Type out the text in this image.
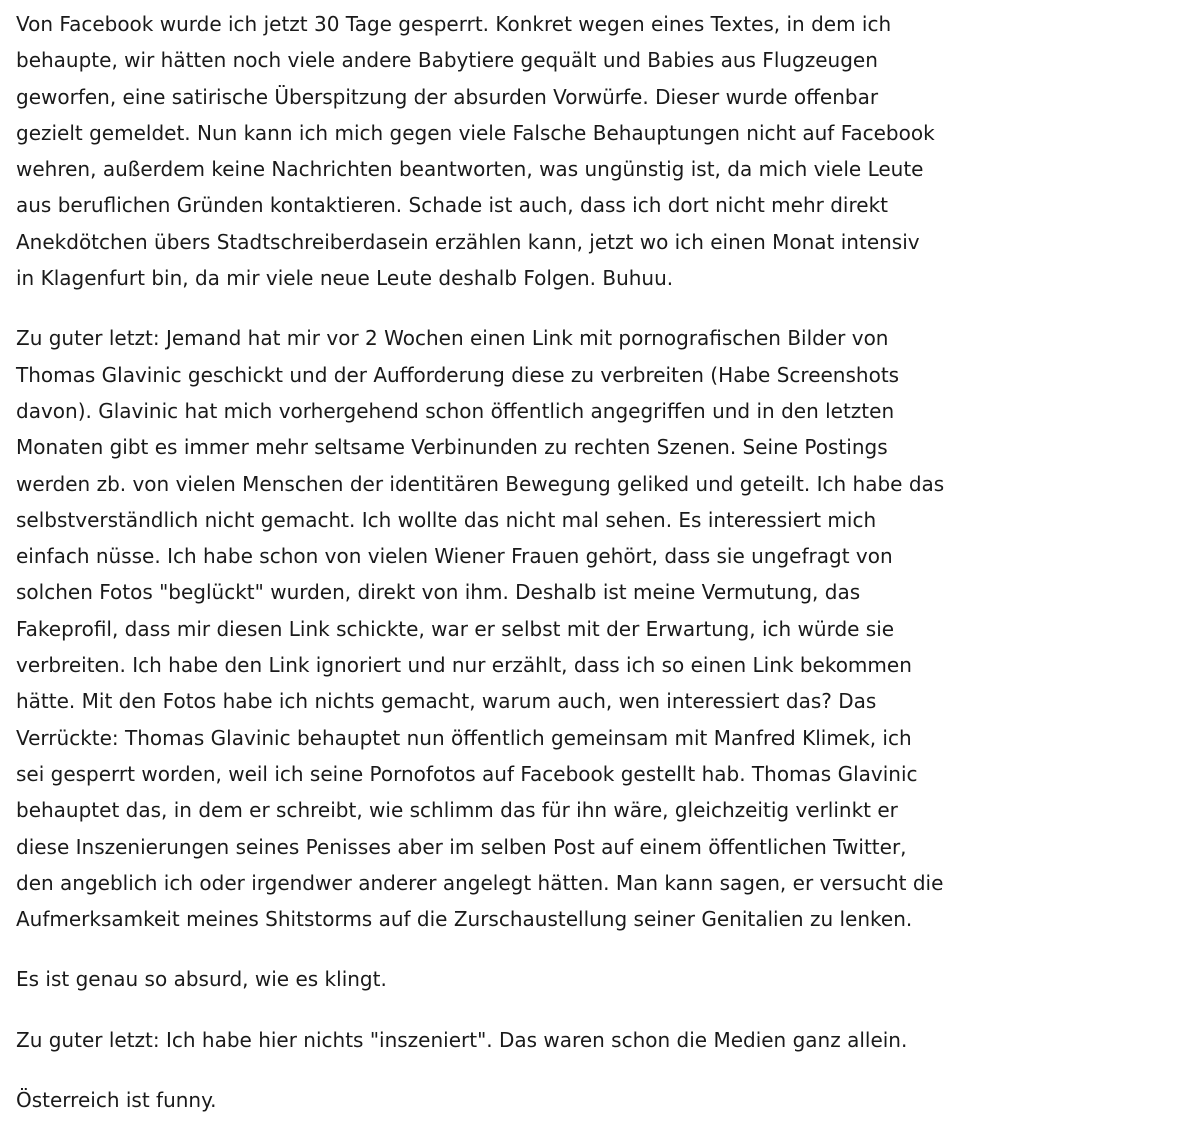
Von Facebook wurde ich jetzt 30 Tage gesperrt. Konkret wegen eines Textes, in dem ich
behaupte, wir hätten noch viele andere Babytiere gequält und Babies aus Flugzeugen
geworfen, eine satirische Überspitzung der absurden Vorwürfe. Dieser wurde offenbar
gezielt gemeldet. Nun kann ich mich gegen viele Falsche Behauptungen nicht auf Facebook
wehren, außerdem keine Nachrichten beantworten, was ungünstig ist, da mich viele Leute
aus beruflichen Gründen kontaktieren. Schade ist auch, dass ich dort nicht mehr direkt
Anekdötchen übers Stadtschreiberdasein erzählen kann, jetzt wo ich einen Monat intensiv
in Klagenfurt bin, da mir viele neue Leute deshalb Folgen. Buhuu.

Zu guter letzt: Jemand hat mir vor 2 Wochen einen Link mit pornografischen Bilder von
Thomas Glavinic geschickt und der Aufforderung diese zu verbreiten (Habe Screenshots
davon). Glavinic hat mich vorhergehend schon öffentlich angegriffen und in den letzten
Monaten gibt es immer mehr seltsame Verbinunden zu rechten Szenen. Seine Postings
werden zb. von vielen Menschen der identitären Bewegung geliked und geteilt. Ich habe das
selbstverständlich nicht gemacht. Ich wollte das nicht mal sehen. Es interessiert mich
einfach nüsse. Ich habe schon von vielen Wiener Frauen gehört, dass sie ungefragt von
solchen Fotos "beglückt" wurden, direkt von ihm. Deshalb ist meine Vermutung, das
Fakeprofil, dass mir diesen Link schickte, war er selbst mit der Erwartung, ich würde sie
verbreiten. Ich habe den Link ignoriert und nur erzählt, dass ich so einen Link bekommen
hätte. Mit den Fotos habe ich nichts gemacht, warum auch, wen interessiert das? Das
Verrückte: Thomas Glavinic behauptet nun öffentlich gemeinsam mit Manfred Klimek, ich
sei gesperrt worden, weil ich seine Pornofotos auf Facebook gestellt hab. Thomas Glavinic
behauptet das, in dem er schreibt, wie schlimm das für ihn wäre, gleichzeitig verlinkt er
diese Inszenierungen seines Penisses aber im selben Post auf einem öffentlichen Twitter,
den angeblich ich oder irgendwer anderer angelegt hätten. Man kann sagen, er versucht die
Aufmerksamkeit meines Shitstorms auf die Zurschaustellung seiner Genitalien zu lenken.

Es ist genau so absurd, wie es klingt.

Zu guter letzt: Ich habe hier nichts "inszeniert". Das waren schon die Medien ganz allein.

Österreich ist funny.
